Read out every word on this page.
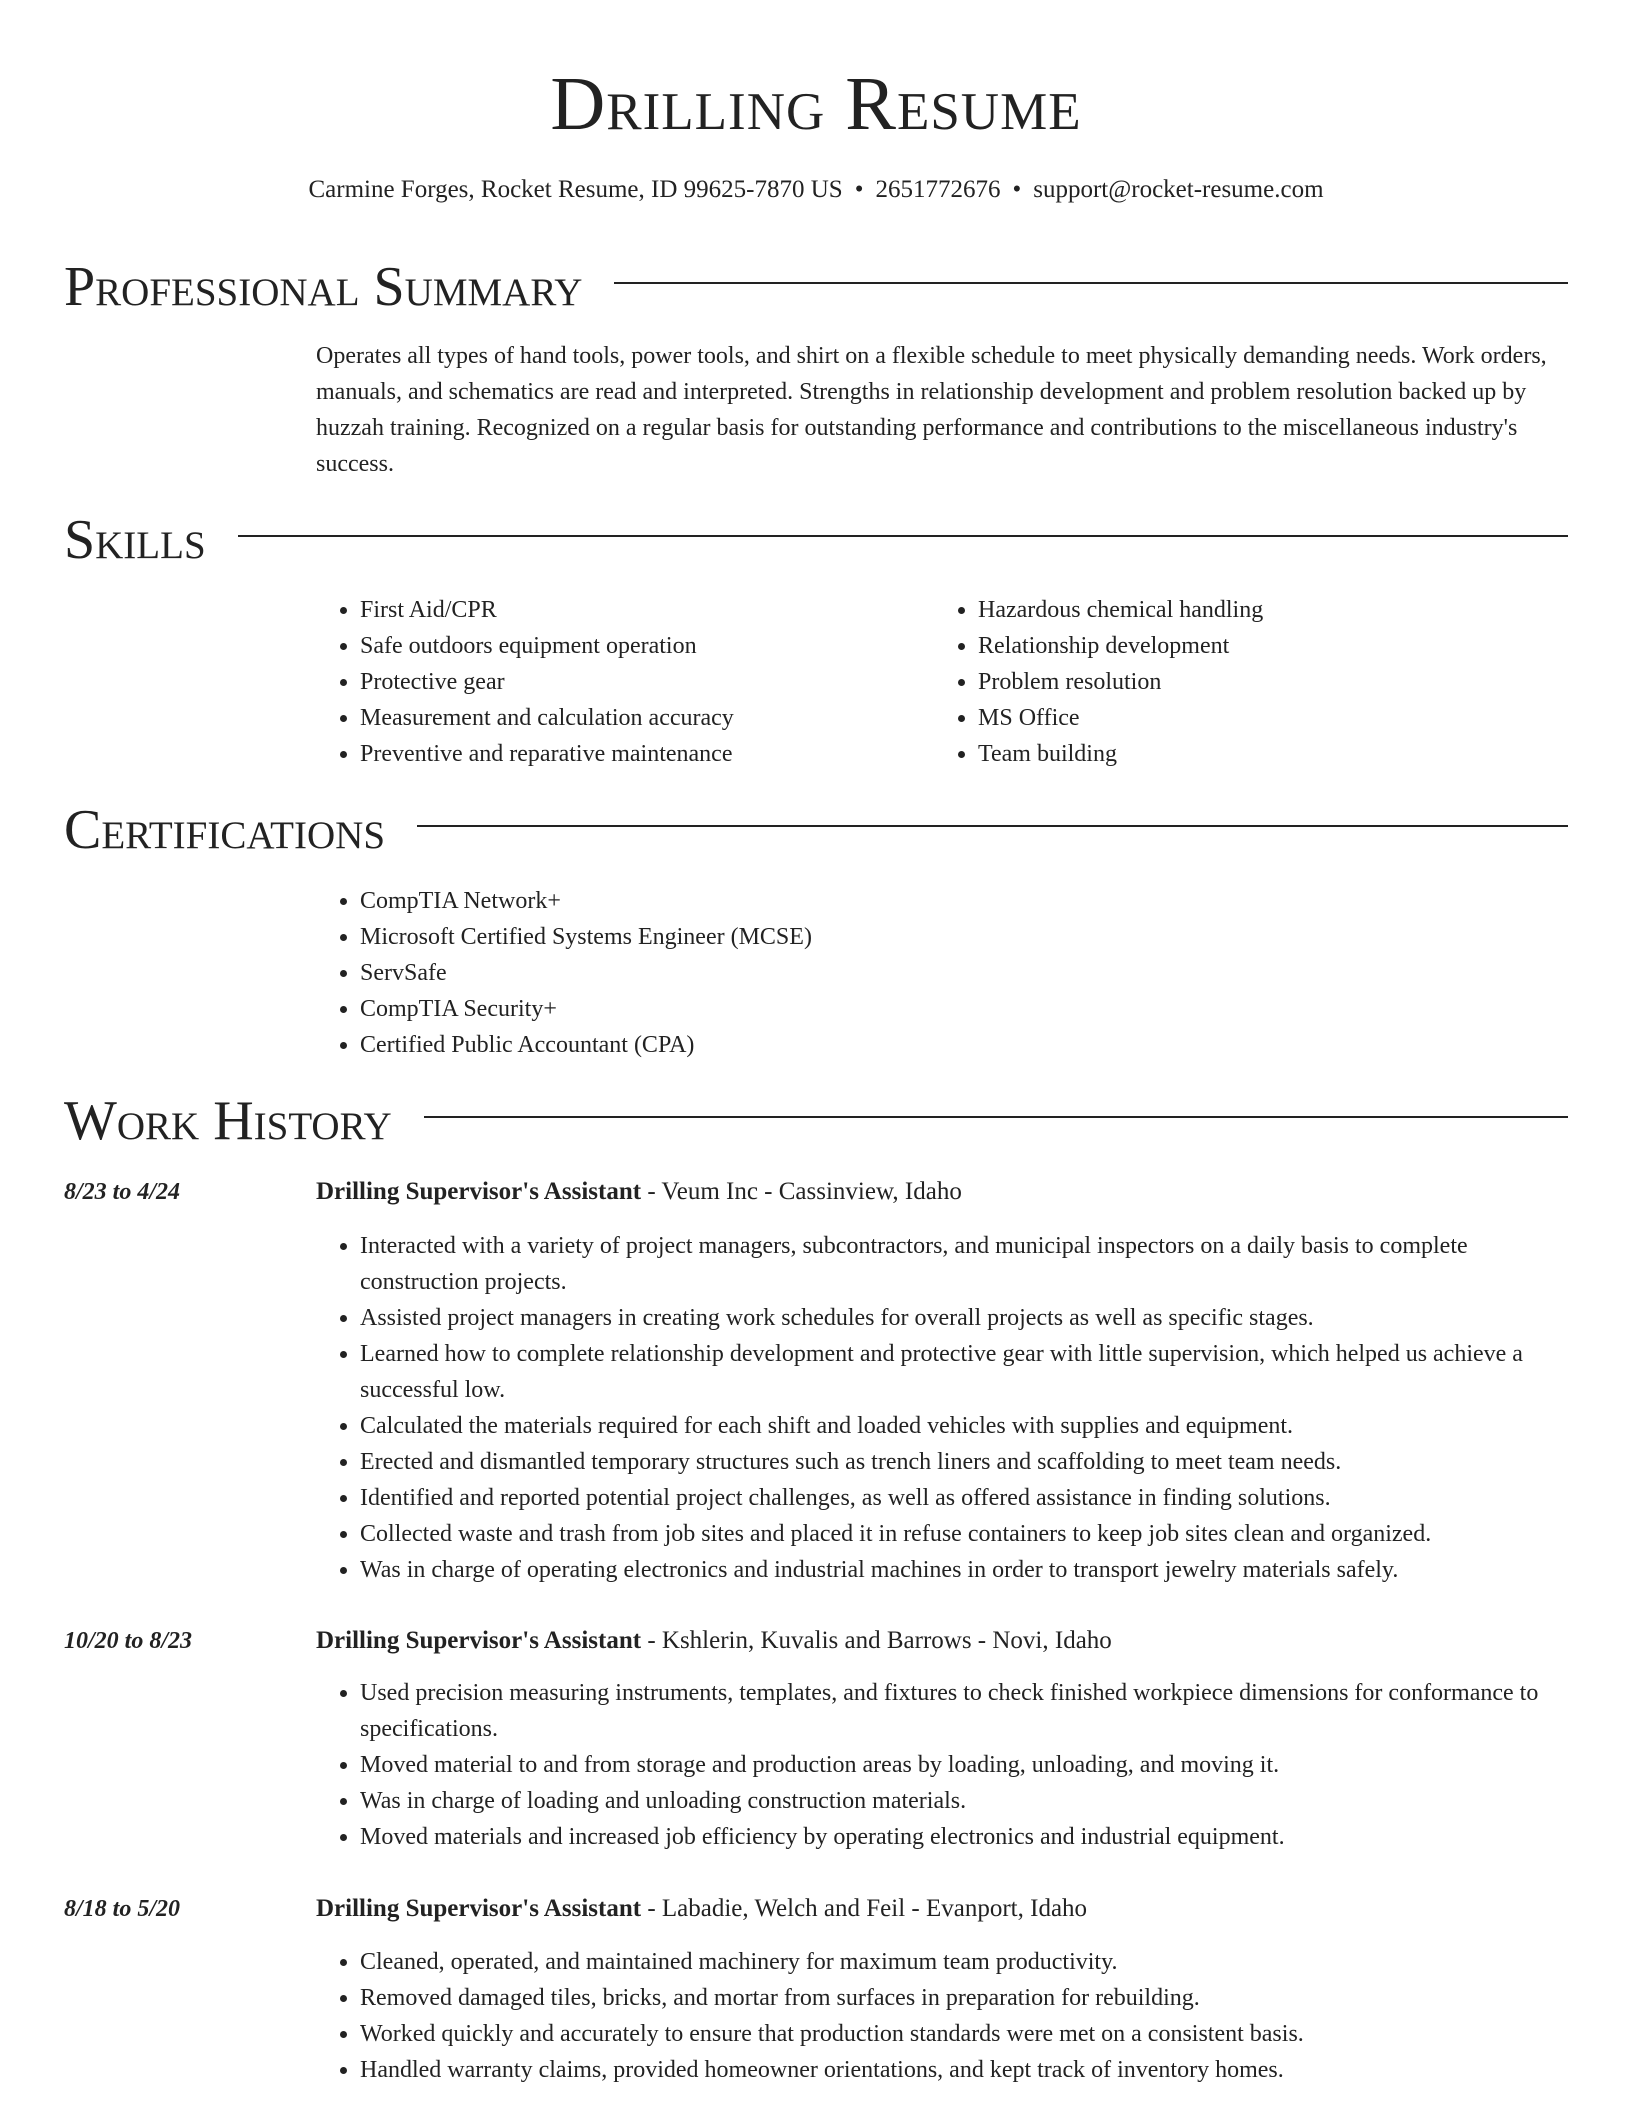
Drilling Resume
Carmine Forges, Rocket Resume, ID 99625-7870 US • 2651772676 • support@rocket-resume.com
Professional Summary

Operates all types of hand tools, power tools, and shirt on a flexible schedule to meet physically demanding needs. Work orders, manuals, and schematics are read and interpreted. Strengths in relationship development and problem resolution backed up by huzzah training. Recognized on a regular basis for outstanding performance and contributions to the miscellaneous industry's success.

Skills
• First Aid/CPR
• Safe outdoors equipment operation
• Protective gear
• Measurement and calculation accuracy
• Preventive and reparative maintenance
• Hazardous chemical handling
• Relationship development
• Problem resolution
• MS Office
• Team building
Certifications
• CompTIA Network+
• Microsoft Certified Systems Engineer (MCSE)
• ServSafe
• CompTIA Security+
• Certified Public Accountant (CPA)
Work History
8/23 to 4/24	Drilling Supervisor's Assistant - Veum Inc - Cassinview, Idaho
• Interacted with a variety of project managers, subcontractors, and municipal inspectors on a daily basis to complete construction projects.
• Assisted project managers in creating work schedules for overall projects as well as specific stages.
• Learned how to complete relationship development and protective gear with little supervision, which helped us achieve a successful low.
• Calculated the materials required for each shift and loaded vehicles with supplies and equipment.
• Erected and dismantled temporary structures such as trench liners and scaffolding to meet team needs.
• Identified and reported potential project challenges, as well as offered assistance in finding solutions.
• Collected waste and trash from job sites and placed it in refuse containers to keep job sites clean and organized.
• Was in charge of operating electronics and industrial machines in order to transport jewelry materials safely.
10/20 to 8/23	Drilling Supervisor's Assistant - Kshlerin, Kuvalis and Barrows - Novi, Idaho
• Used precision measuring instruments, templates, and fixtures to check finished workpiece dimensions for conformance to specifications.
• Moved material to and from storage and production areas by loading, unloading, and moving it.
• Was in charge of loading and unloading construction materials.
• Moved materials and increased job efficiency by operating electronics and industrial equipment.
8/18 to 5/20	Drilling Supervisor's Assistant - Labadie, Welch and Feil - Evanport, Idaho
• Cleaned, operated, and maintained machinery for maximum team productivity.
• Removed damaged tiles, bricks, and mortar from surfaces in preparation for rebuilding.
• Worked quickly and accurately to ensure that production standards were met on a consistent basis.
• Handled warranty claims, provided homeowner orientations, and kept track of inventory homes.
